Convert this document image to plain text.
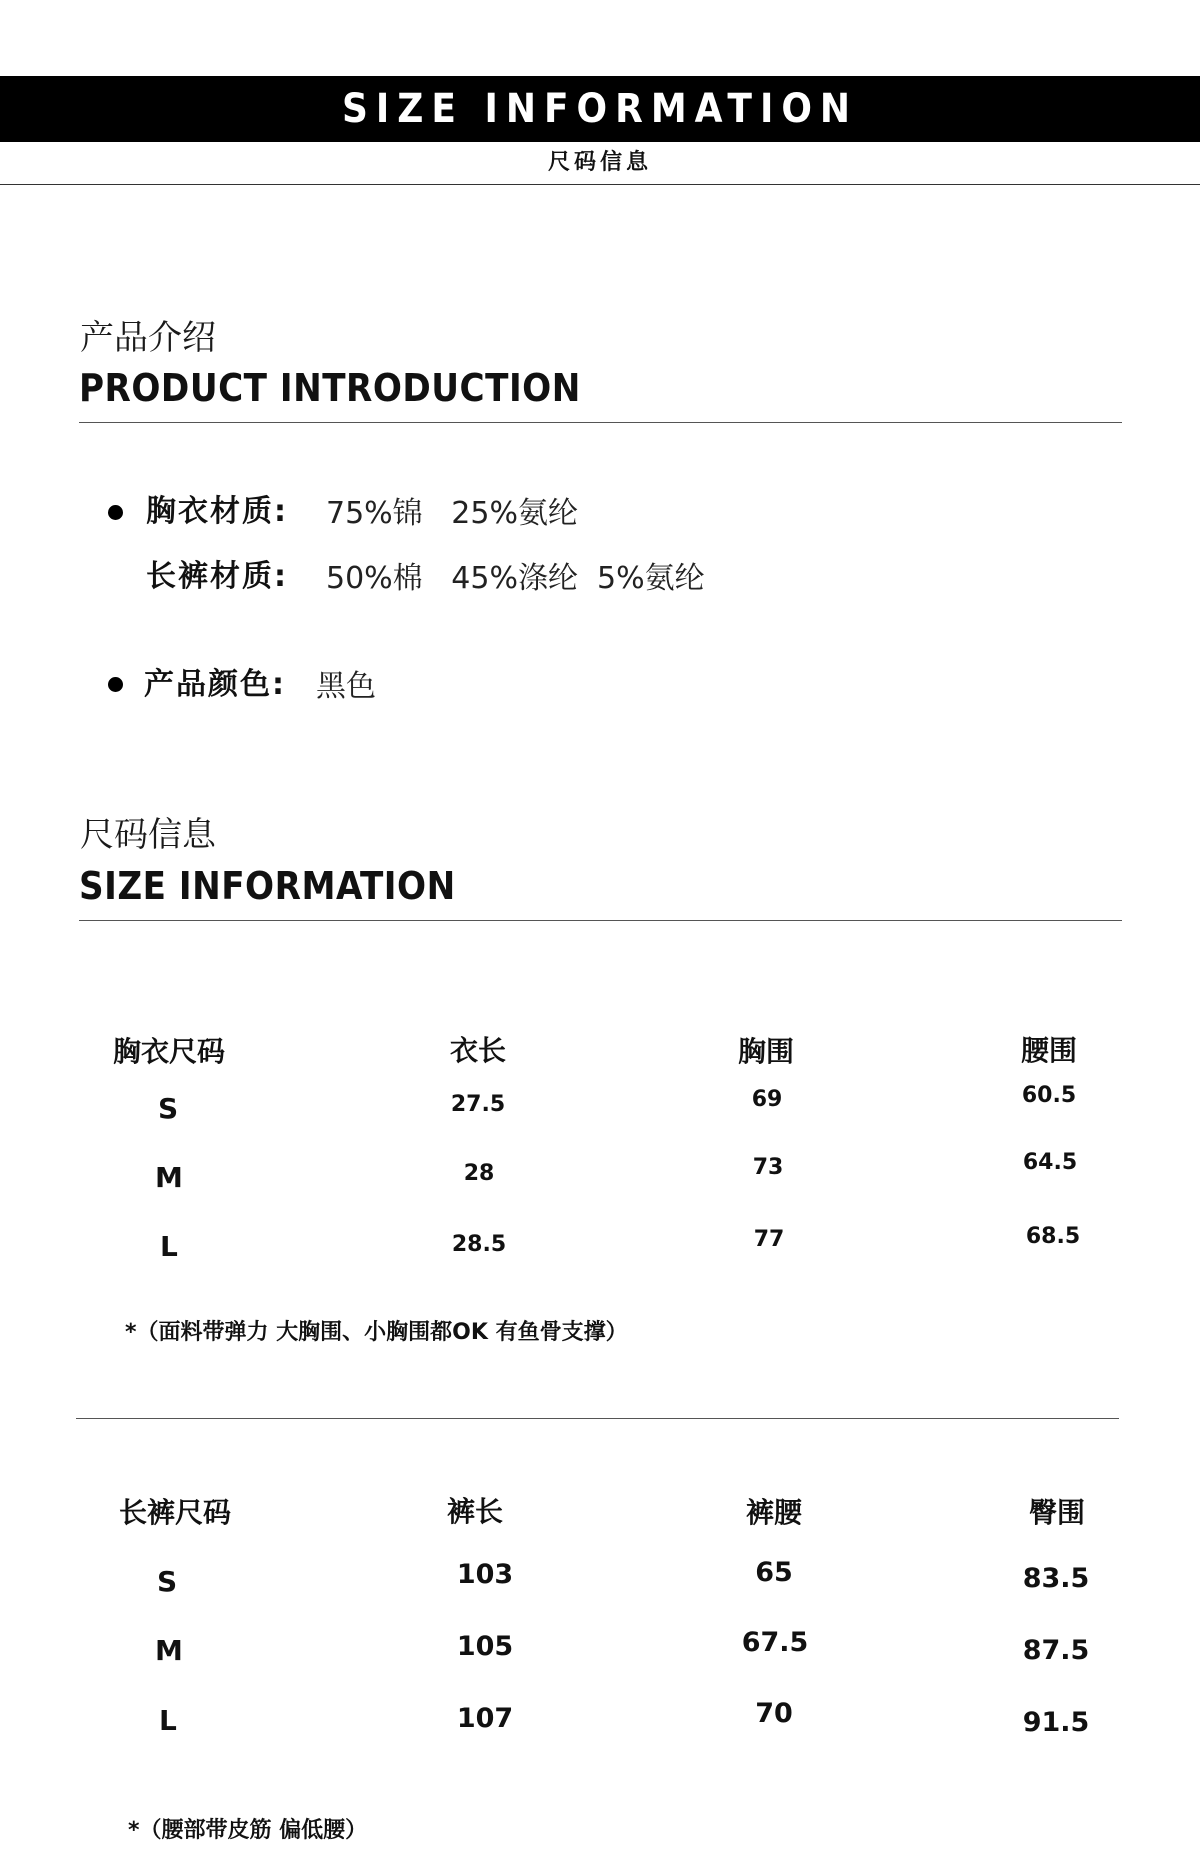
SIZE INFORMATION
尺码信息
产品介绍
PRODUCT INTRODUCTION
胸衣材质: 75%锦   25%氨纶
长裤材质: 50%棉   45%涤纶  5%氨纶
产品颜色: 黑色
尺码信息
SIZE INFORMATION
胸衣尺码	衣长	胸围	腰围
S	27.5	69	60.5
M	28	73	64.5
L	28.5	77	68.5
*（面料带弹力 大胸围、小胸围都OK 有鱼骨支撑）
长裤尺码	裤长	裤腰	臀围
S	103	65	83.5
M	105	67.5	87.5
L	107	70	91.5
*（腰部带皮筋 偏低腰）
